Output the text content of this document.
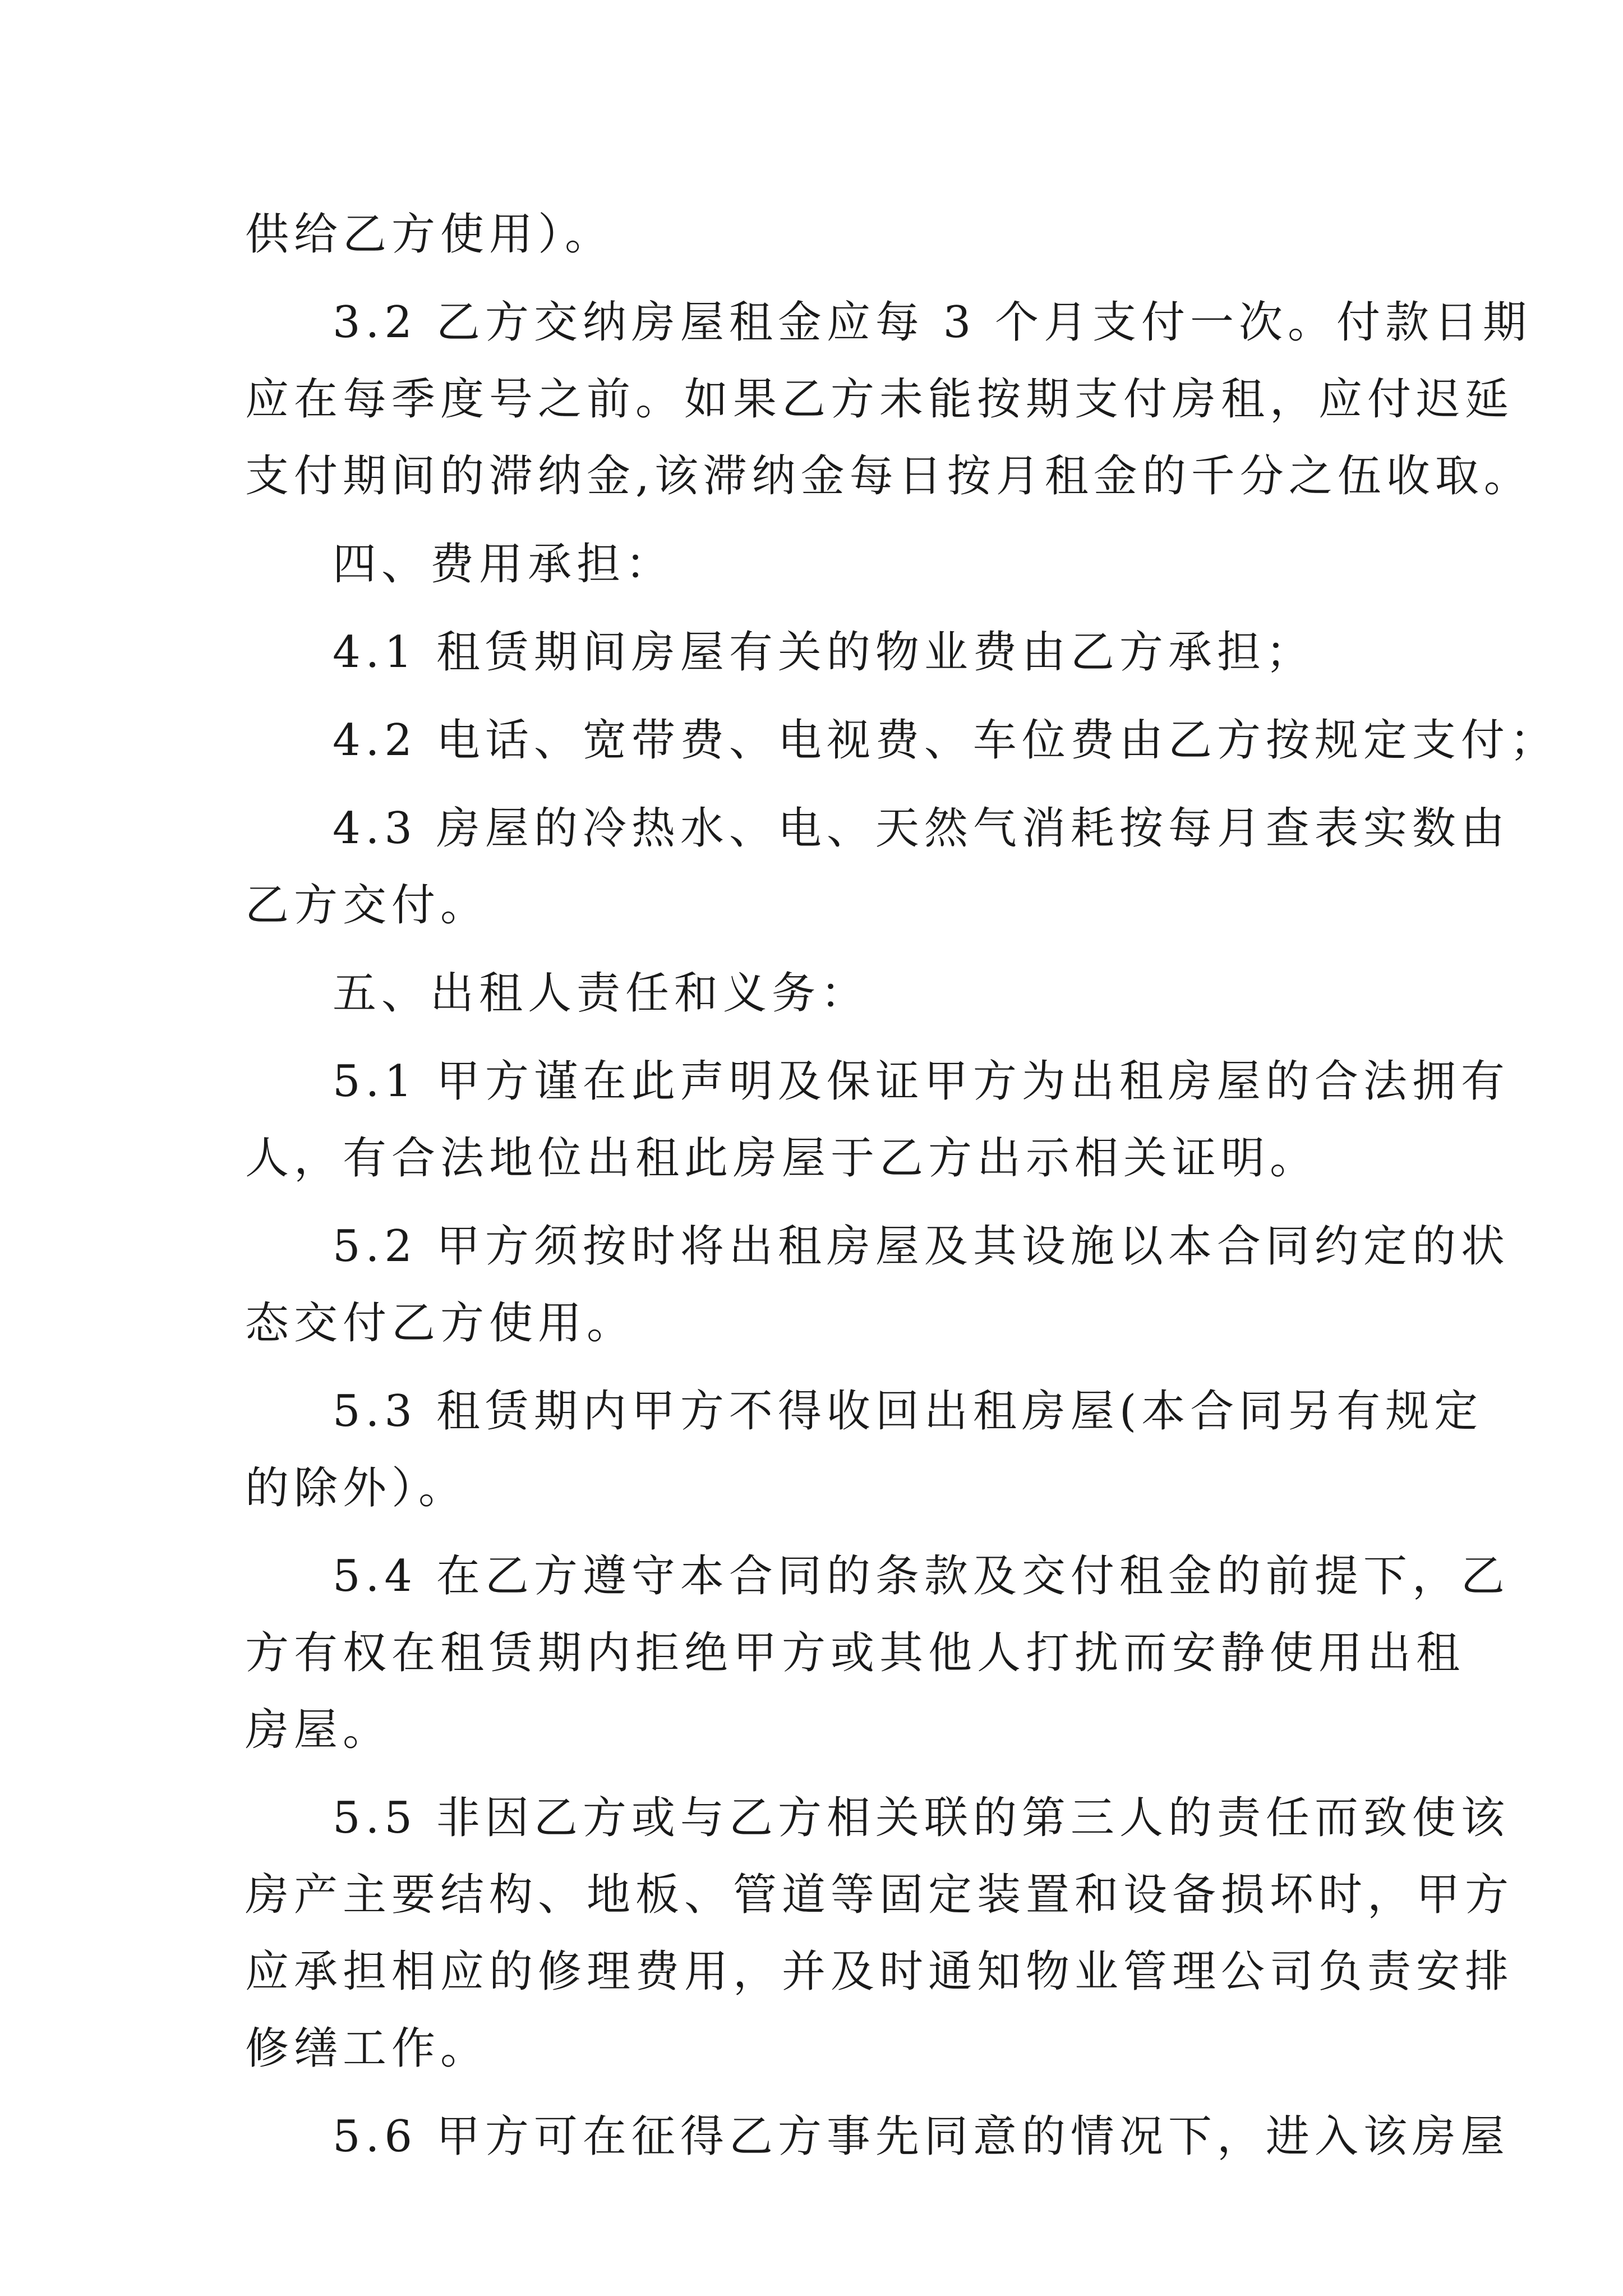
供给乙方使用）。
3.2 乙方交纳房屋租金应每 3 个月支付一次。付款日期
应在每季度号之前。如果乙方未能按期支付房租，应付迟延
支付期间的滞纳金,该滞纳金每日按月租金的千分之伍收取。
四、费用承担：
4.1 租赁期间房屋有关的物业费由乙方承担；
4.2 电话、宽带费、电视费、车位费由乙方按规定支付；
4.3 房屋的冷热水、电、天然气消耗按每月查表实数由
乙方交付。
五、出租人责任和义务：
5.1 甲方谨在此声明及保证甲方为出租房屋的合法拥有
人，有合法地位出租此房屋于乙方出示相关证明。
5.2 甲方须按时将出租房屋及其设施以本合同约定的状
态交付乙方使用。
5.3 租赁期内甲方不得收回出租房屋(本合同另有规定
的除外）。
5.4 在乙方遵守本合同的条款及交付租金的前提下，乙
方有权在租赁期内拒绝甲方或其他人打扰而安静使用出租
房屋。
5.5 非因乙方或与乙方相关联的第三人的责任而致使该
房产主要结构、地板、管道等固定装置和设备损坏时，甲方
应承担相应的修理费用，并及时通知物业管理公司负责安排
修缮工作。
5.6 甲方可在征得乙方事先同意的情况下，进入该房屋
